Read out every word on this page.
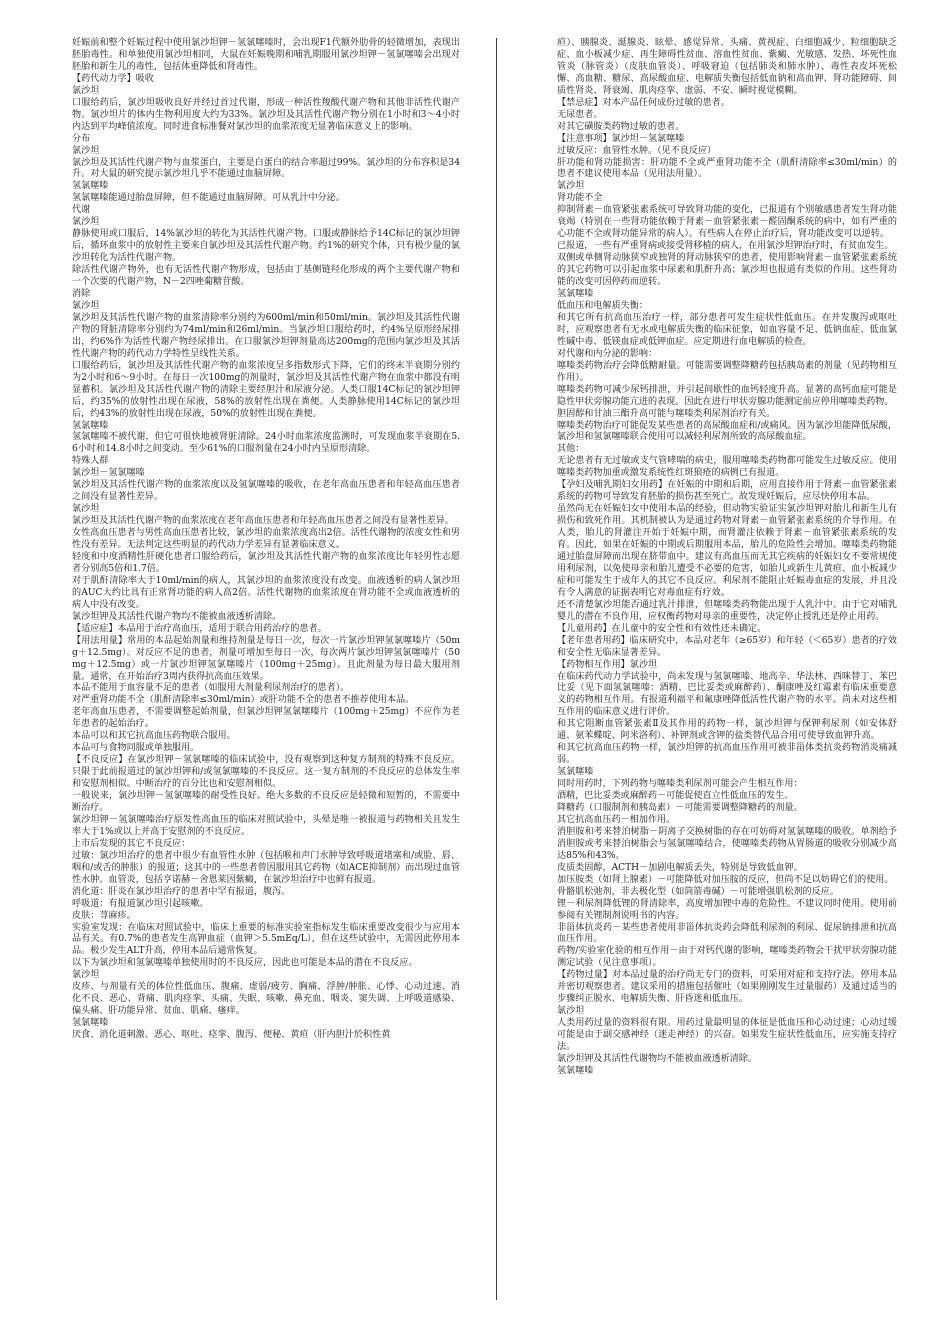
妊娠前和整个妊娠过程中使用氯沙坦钾－氢氯噻嗪时，会出现F1代额外肋骨的轻微增加，表现出胚胎毒性。和单独使用氯沙坦相同，大鼠在妊娠晚期和哺乳期服用氯沙坦钾－氢氯噻嗪会出现对胚胎和新生儿的毒性，包括体重降低和肾毒性。

【药代动力学】吸收

氯沙坦

口服给药后，氯沙坦吸收良好并经过首过代谢，形成一种活性羧酸代谢产物和其他非活性代谢产物。氯沙坦片的体内生物利用度大约为33%。氯沙坦及其活性代谢产物分别在1小时和3～4小时内达到平均峰值浓度。同时进食标准餐对氯沙坦的血浆浓度无显著临床意义上的影响。

分布

氯沙坦

氯沙坦及其活性代谢产物与血浆蛋白，主要是白蛋白的结合率超过99%。氯沙坦的分布容积是34升。对大鼠的研究提示氯沙坦几乎不能通过血脑屏障。

氢氯噻嗪

氢氯噻嗪能通过胎盘屏障，但不能通过血脑屏障。可从乳汁中分泌。

代谢

氯沙坦

静脉使用或口服后，14%氯沙坦的转化为其活性代谢产物。口服或静脉给予14C标记的氯沙坦钾后，循环血浆中的放射性主要来自氯沙坦及其活性代谢产物。约1%的研究个体，只有极少量的氯沙坦转化为活性代谢产物。

除活性代谢产物外，也有无活性代谢产物形成，包括由丁基侧链羟化形成的两个主要代谢产物和一个次要的代谢产物，N－2四唑葡糖苷酸。

消除

氯沙坦

氯沙坦及其活性代谢产物的血浆清除率分别约为600ml/min和50ml/min。氯沙坦及其活性代谢产物的肾脏清除率分别约为74ml/min和26ml/min。当氯沙坦口服给药时，约4%呈原形经尿排出，约6%作为活性代谢产物经尿排出。在口服氯沙坦钾剂量高达200mg的范围内氯沙坦及其活性代谢产物的药代动力学特性呈线性关系。

口服给药后，氯沙坦及其活性代谢产物的血浆浓度呈多指数形式下降，它们的终末半衰期分别约为2小时和6～9小时。在每日一次100mg的剂量时，氯沙坦及其活性代谢产物在血浆中都没有明显蓄积。氯沙坦及其活性代谢产物的清除主要经胆汁和尿液分泌。人类口服14C标记的氯沙坦钾后，约35%的放射性出现在尿液，58%的放射性出现在粪便。人类静脉使用14C标记的氯沙坦后，约43%的放射性出现在尿液，50%的放射性出现在粪便。

氢氯噻嗪

氢氯噻嗪不被代谢，但它可很快地被肾脏清除。24小时血浆浓度监测时，可发现血浆半衰期在5.6小时和14.8小时之间变动。至少61%的口服剂量在24小时内呈原形清除。

特殊人群

氯沙坦－氢氯噻嗪

氯沙坦及其活性代谢产物的血浆浓度以及氢氯噻嗪的吸收，在老年高血压患者和年轻高血压患者之间没有显著性差异。

氯沙坦

氯沙坦及其活性代谢产物的血浆浓度在老年高血压患者和年轻高血压患者之间没有显著性差异。

女性高血压患者与男性高血压患者比较，氯沙坦的血浆浓度高出2倍。活性代谢物的浓度女性和男性没有差异。无法判定这些明显的药代动力学差异有显著临床意义。

轻度和中度酒精性肝硬化患者口服给药后，氯沙坦及其活性代谢产物的血浆浓度比年轻男性志愿者分别高5倍和1.7倍。

对于肌酐清除率大于10ml/min的病人，其氯沙坦的血浆浓度没有改变。血液透析的病人氯沙坦的AUC大约比具有正常肾功能的病人高2倍。活性代谢物的血浆浓度在肾功能不全或血液透析的病人中没有改变。

氯沙坦钾及其活性代谢产物均不能被血液透析清除。

【适应症】本品用于治疗高血压，适用于联合用药治疗的患者。

【用法用量】常用的本品起始剂量和维持剂量是每日一次，每次一片氯沙坦钾氢氯噻嗪片（50mg＋12.5mg）。对反应不足的患者，剂量可增加至每日一次，每次两片氯沙坦钾氢氯噻嗪片（50mg＋12.5mg）或一片氯沙坦钾氢氯噻嗪片（100mg＋25mg）。且此剂量为每日最大服用剂量。通常，在开始治疗3周内获得抗高血压效果。

本品不能用于血容量不足的患者（如服用大剂量利尿剂治疗的患者）。

对严重肾功能不全（肌酐清除率≤30ml/min）或肝功能不全的患者不推荐使用本品。

老年高血压患者，不需要调整起始剂量，但氯沙坦钾氢氯噻嗪片（100mg＋25mg）不应作为老年患者的起始治疗。

本品可以和其它抗高血压药物联合服用。

本品可与食物同服或单独服用。

【不良反应】在氯沙坦钾－氢氯噻嗪的临床试验中，没有观察到这种复方制剂的特殊不良反应。只限于此前报道过的氯沙坦钾和/或氢氯噻嗪的不良反应。这一复方制剂的不良反应的总体发生率和安慰剂相似。中断治疗的百分比也和安慰剂相似。

一般说来，氯沙坦钾－氢氯噻嗪的耐受性良好。绝大多数的不良反应是轻微和短暂的，不需要中断治疗。

氯沙坦钾－氢氯噻嗪治疗原发性高血压的临床对照试验中，头晕是唯一被报道与药物相关且发生率大于1%或以上并高于安慰剂的不良反应。

上市后发现的其它不良反应：

过敏：氯沙坦治疗的患者中很少有血管性水肿（包括喉和声门水肿导致呼吸道堵塞和/或脸、唇、咽和/或舌的肿胀）的报道；这其中的一些患者曾因服用其它药物（如ACE抑制剂）而出现过血管性水肿。血管炎，包括亨诺赫－舍恩莱因紫癜，在氯沙坦治疗中也鲜有报道。

消化道：肝炎在氯沙坦治疗的患者中罕有报道，腹泻。

呼吸道：有报道氯沙坦引起咳嗽。

皮肤：荨麻疹。

实验室发现：在临床对照试验中，临床上重要的标准实验室指标发生临床重要改变很少与应用本品有关。有0.7%的患者发生高钾血症（血钾＞5.5mEq/L），但在这些试验中，无需因此停用本品。极少发生ALT升高，停用本品后通常恢复。

以下为氯沙坦和氢氯噻嗪单独使用时的不良反应，因此也可能是本品的潜在不良反应。

氯沙坦

皮疹、与剂量有关的体位性低血压、腹痛、虚弱/疲劳、胸痛、浮肿/肿胀、心悸、心动过速、消化不良、恶心、背痛、肌肉痉挛、头痛、失眠、咳嗽、鼻充血、咽炎、窦失调、上呼吸道感染、偏头痛、肝功能异常、贫血、肌痛、瘙痒。

氢氯噻嗪

厌食、消化道刺激、恶心、呕吐、痉挛、腹泻、便秘、黄疸（肝内胆汁於积性黄

疸）、胰腺炎、涎腺炎、眩晕、感觉异常、头痛、黄视症、白细胞减少、粒细胞缺乏症、血小板减少症、再生障碍性贫血、溶血性贫血、紫癜、光敏感、发热、坏死性血管炎（脉管炎）（皮肤血管炎）、呼吸窘迫（包括肺炎和肺水肿）、毒性表皮坏死松懈、高血糖、糖尿、高尿酸血症、电解质失衡包括低血钠和高血钾、肾功能障碍、间质性肾炎、肾衰竭、肌肉痉挛、虚弱、不安、瞬时视觉模糊。

【禁忌症】对本产品任何成份过敏的患者。

无尿患者。

对其它磺胺类药物过敏的患者。

【注意事项】氯沙坦－氢氯噻嗪

过敏反应：血管性水肿。（见不良反应）

肝功能和肾功能损害：肝功能不全或严重肾功能不全（肌酐清除率≤30ml/min）的患者不建议使用本品（见用法用量）。

氯沙坦

肾功能不全

抑制肾素－血管紧张素系统可导致肾功能的变化，已报道有个别敏感患者发生肾功能衰竭（特别在一些肾功能依赖于肾素－血管紧张素－醛固酮系统的病中，如有严重的心功能不全或肾功能异常的病人）。有些病人在停止治疗后，肾功能改变可以逆转。

已报道，一些有严重肾病或接受肾移植的病人，在用氯沙坦钾治疗时，有贫血发生。

双侧或单侧肾动脉狭窄或独肾的肾动脉狭窄的患者，使用影响肾素－血管紧张素系统的其它药物可以引起血浆中尿素和肌酐升高；氯沙坦也报道有类似的作用。这些肾功能的改变可因停药而逆转。

氢氯噻嗪

低血压和电解质失衡：

和其它所有抗高血压治疗一样，部分患者可发生症状性低血压。在并发腹泻或呕吐时，应观察患者有无水或电解质失衡的临床征象，如血容量不足、低钠血症、低血氯性碱中毒、低镁血症或低钾血症。应定期进行血电解质的检查。

对代谢和内分泌的影响：

噻嗪类药物治疗会降低糖耐量。可能需要调整降糖药包括胰岛素的剂量（见药物相互作用）。

噻嗪类药物可减少尿钙排泄，并引起间歇性的血钙轻度升高。显著的高钙血症可能是隐性甲状旁腺功能亢进的表现。因此在进行甲状旁腺功能测定前应停用噻嗪类药物。

胆固醇和甘油三酯升高可能与噻嗪类利尿剂治疗有关。

噻嗪类药物治疗可能促发某些患者的高尿酸血症和/或痛风。因为氯沙坦能降低尿酸，氯沙坦和氢氯噻嗪联合使用可以减轻利尿剂所致的高尿酸血症。

其他：

无论患者有无过敏或支气管哮喘的病史，服用噻嗪类药物都可能发生过敏反应。使用噻嗪类药物加重或激发系统性红斑狼疮的病例已有报道。

【孕妇及哺乳期妇女用药】在妊娠的中期和后期，应用直接作用于肾素－血管紧张素系统的药物可导致发育胚胎的损伤甚至死亡。故发现妊娠后，应尽快停用本品。

虽然尚无在妊娠妇女中使用本品的经验，但动物实验证实氯沙坦钾对胎儿和新生儿有损伤和致死作用。其机制被认为是通过药物对肾素－血管紧张素系统的介导作用。在人类，胎儿的肾灌注开始于妊娠中期，而肾灌注依赖于肾素－血管紧张素系统的发育。因此，如果在妊娠的中期或后期服用本品，胎儿的危险性会增加。噻嗪类药物能通过胎盘屏障而出现在脐带血中。建议有高血压而无其它疾病的妊娠妇女不要常规使用利尿剂，以免使母亲和胎儿遭受不必要的危害，如胎儿或新生儿黄疸、血小板减少症和可能发生于成年人的其它不良反应。利尿剂不能阻止妊娠毒血症的发展，并且没有令人满意的证据表明它对毒血症有疗效。

还不清楚氯沙坦能否通过乳汁排泄，但噻嗪类药物能出现于人乳汁中。由于它对哺乳婴儿的潜在不良作用，应权衡药物对母亲的重要性，决定停止授乳还是停止用药。

【儿童用药】在儿童中的安全性和有效性还未确定。

【老年患者用药】临床研究中，本品对老年（≥65岁）和年轻（＜65岁）患者的疗效和安全性无临床显著差异。

【药物相互作用】氯沙坦

在临床药代动力学试验中，尚未发现与氢氯噻嗪、地高辛、华法林、西咪替丁、苯巴比妥（见下面氢氯噻嗪：酒精、巴比妥类或麻醉药）、酮康唑及红霉素有临床重要意义的药物相互作用。有报道利福平和氟康唑降低活性代谢产物的水平。尚未对这些相互作用的临床意义进行评价。

和其它阻断血管紧张素Ⅱ及其作用的药物一样，氯沙坦钾与保钾利尿剂（如安体舒通、氨苯蝶啶、阿米洛利）、补钾剂或含钾的盐类替代品合用可使导致血钾升高。

和其它抗高血压药物一样，氯沙坦钾的抗高血压作用可被非甾体类抗炎药物消炎痛减弱。

氢氯噻嗪

同时用药时，下列药物与噻嗪类利尿剂可能会产生相互作用：

酒精，巴比妥类或麻醉药－可能促使直立性低血压的发生。

降糖药（口服制剂和胰岛素）－可能需要调整降糖药的剂量。

其它抗高血压药－相加作用。

消胆胺和考来替泊树脂－阴离子交换树脂的存在可妨碍对氢氯噻嗪的吸收。单剂给予消胆胺或考来替泊树脂会与氢氯噻嗪结合，使噻嗪类药物从胃肠道的吸收分别减少高达85%和43%。

皮质类固醇，ACTH－加剧电解质丢失，特别是导致低血钾。

加压胺类（如肾上腺素）－可能降低对加压胺的反应，但尚不足以妨碍它们的使用。

骨骼肌松弛剂，非去极化型（如筒箭毒碱）－可能增强肌松剂的反应。

锂－利尿剂降低锂的肾清除率，高度增加锂中毒的危险性。不建议同时使用。使用前参阅有关锂制剂说明书的内容。

非甾体抗炎药－某些患者使用非甾体抗炎药会降低利尿剂的利尿、促尿钠排泄和抗高血压作用。

药物/实验室化验的相互作用－由于对钙代谢的影响，噻嗪类药物会干扰甲状旁腺功能测定试验（见注意事项）。

【药物过量】对本品过量的治疗尚无专门的资料，可采用对症和支持疗法。停用本品并密切观察患者。建议采用的措施包括催吐（如果刚刚发生过量服药）及通过适当的步骤纠正脱水、电解质失衡、肝昏迷和低血压。

氯沙坦

人类用药过量的资料很有限。用药过量最明显的体征是低血压和心动过速；心动过缓可能是由于副交感神经（迷走神经）的兴奋。如果发生症状性低血压，应实施支持疗法。

氯沙坦钾及其活性代谢物均不能被血液透析清除。

氢氯噻嗪
